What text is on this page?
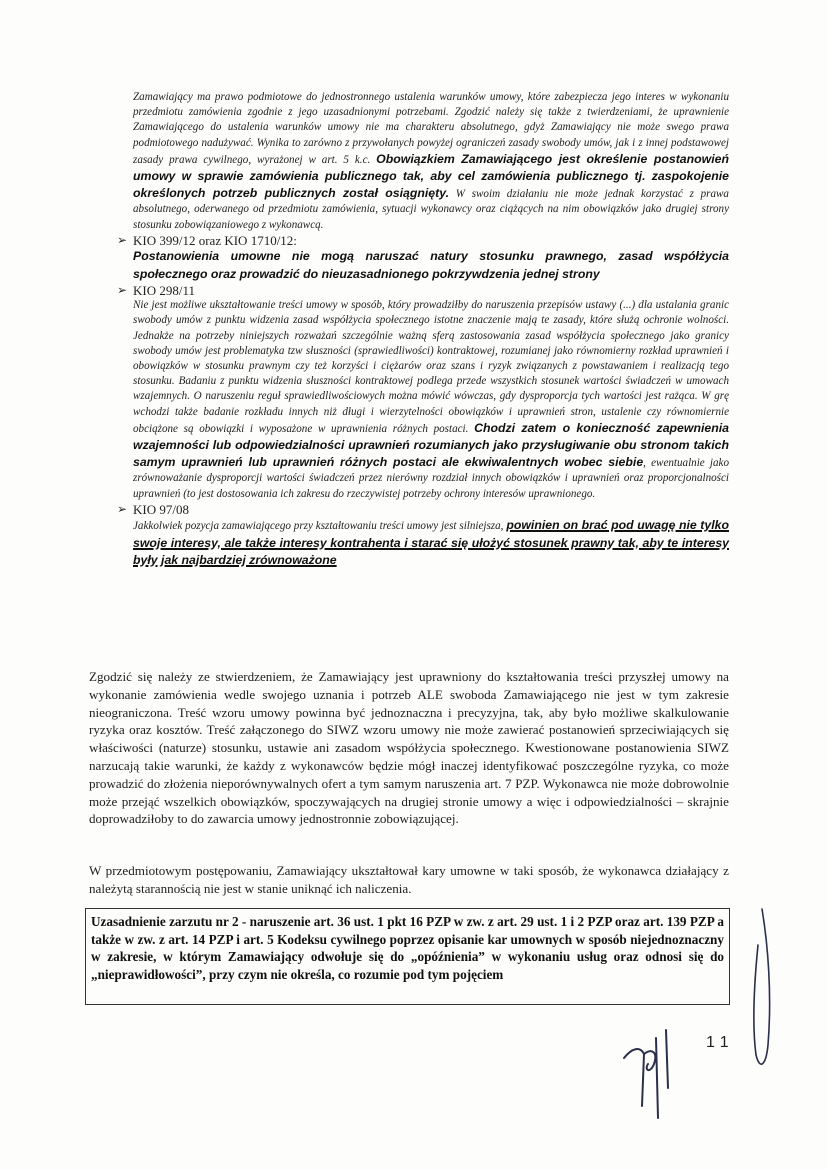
Zamawiający ma prawo podmiotowe do jednostronnego ustalenia warunków umowy, które zabezpiecza jego interes w wykonaniu przedmiotu zamówienia zgodnie z jego uzasadnionymi potrzebami. Zgodzić należy się także z twierdzeniami, że uprawnienie Zamawiającego do ustalenia warunków umowy nie ma charakteru absolutnego, gdyż Zamawiający nie może swego prawa podmiotowego nadużywać. Wynika to zarówno z przywołanych powyżej ograniczeń zasady swobody umów, jak i z innej podstawowej zasady prawa cywilnego, wyrażonej w art. 5 k.c. Obowiązkiem Zamawiającego jest określenie postanowień umowy w sprawie zamówienia publicznego tak, aby cel zamówienia publicznego tj. zaspokojenie określonych potrzeb publicznych został osiągnięty. W swoim działaniu nie może jednak korzystać z prawa absolutnego, oderwanego od przedmiotu zamówienia, sytuacji wykonawcy oraz ciążących na nim obowiązków jako drugiej strony stosunku zobowiązaniowego z wykonawcą.

➢ KIO 399/12 oraz KIO 1710/12:

Postanowienia umowne nie mogą naruszać natury stosunku prawnego, zasad współżycia społecznego oraz prowadzić do nieuzasadnionego pokrzywdzenia jednej strony

➢ KIO 298/11

Nie jest możliwe ukształtowanie treści umowy w sposób, który prowadziłby do naruszenia przepisów ustawy (...) dla ustalania granic swobody umów z punktu widzenia zasad współżycia społecznego istotne znaczenie mają te zasady, które służą ochronie wolności. Jednakże na potrzeby niniejszych rozważań szczególnie ważną sferą zastosowania zasad współżycia społecznego jako granicy swobody umów jest problematyka tzw słuszności (sprawiedliwości) kontraktowej, rozumianej jako równomierny rozkład uprawnień i obowiązków w stosunku prawnym czy też korzyści i ciężarów oraz szans i ryzyk związanych z powstawaniem i realizacją tego stosunku. Badaniu z punktu widzenia słuszności kontraktowej podlega przede wszystkich stosunek wartości świadczeń w umowach wzajemnych. O naruszeniu reguł sprawiedliwościowych można mówić wówczas, gdy dysproporcja tych wartości jest rażąca. W grę wchodzi także badanie rozkładu innych niż długi i wierzytelności obowiązków i uprawnień stron, ustalenie czy równomiernie obciążone są obowiązki i wyposażone w uprawnienia różnych postaci. Chodzi zatem o konieczność zapewnienia wzajemności lub odpowiedzialności uprawnień rozumianych jako przysługiwanie obu stronom takich samym uprawnień lub uprawnień różnych postaci ale ekwiwalentnych wobec siebie, ewentualnie jako zrównoważanie dysproporcji wartości świadczeń przez nierówny rozdział innych obowiązków i uprawnień oraz proporcjonalności uprawnień (to jest dostosowania ich zakresu do rzeczywistej potrzeby ochrony interesów uprawnionego.

➢ KIO 97/08

Jakkolwiek pozycja zamawiającego przy kształtowaniu treści umowy jest silniejsza, powinien on brać pod uwagę nie tylko swoje interesy, ale także interesy kontrahenta i starać się ułożyć stosunek prawny tak, aby te interesy były jak najbardziej zrównoważone

Zgodzić się należy ze stwierdzeniem, że Zamawiający jest uprawniony do kształtowania treści przyszłej umowy na wykonanie zamówienia wedle swojego uznania i potrzeb ALE swoboda Zamawiającego nie jest w tym zakresie nieograniczona. Treść wzoru umowy powinna być jednoznaczna i precyzyjna, tak, aby było możliwe skalkulowanie ryzyka oraz kosztów. Treść załączonego do SIWZ wzoru umowy nie może zawierać postanowień sprzeciwiających się właściwości (naturze) stosunku, ustawie ani zasadom współżycia społecznego. Kwestionowane postanowienia SIWZ narzucają takie warunki, że każdy z wykonawców będzie mógł inaczej identyfikować poszczególne ryzyka, co może prowadzić do złożenia nieporównywalnych ofert a tym samym naruszenia art. 7 PZP. Wykonawca nie może dobrowolnie może przejąć wszelkich obowiązków, spoczywających na drugiej stronie umowy a więc i odpowiedzialności – skrajnie doprowadziłoby to do zawarcia umowy jednostronnie zobowiązującej.

W przedmiotowym postępowaniu, Zamawiający ukształtował kary umowne w taki sposób, że wykonawca działający z należytą starannością nie jest w stanie uniknąć ich naliczenia.

Uzasadnienie zarzutu nr 2 - naruszenie art. 36 ust. 1 pkt 16 PZP w zw. z art. 29 ust. 1 i 2 PZP oraz art. 139 PZP a także w zw. z art. 14 PZP i art. 5 Kodeksu cywilnego poprzez opisanie kar umownych w sposób niejednoznaczny w zakresie, w którym Zamawiający odwołuje się do „opóźnienia” w wykonaniu usług oraz odnosi się do „nieprawidłowości”, przy czym nie określa, co rozumie pod tym pojęciem
11
